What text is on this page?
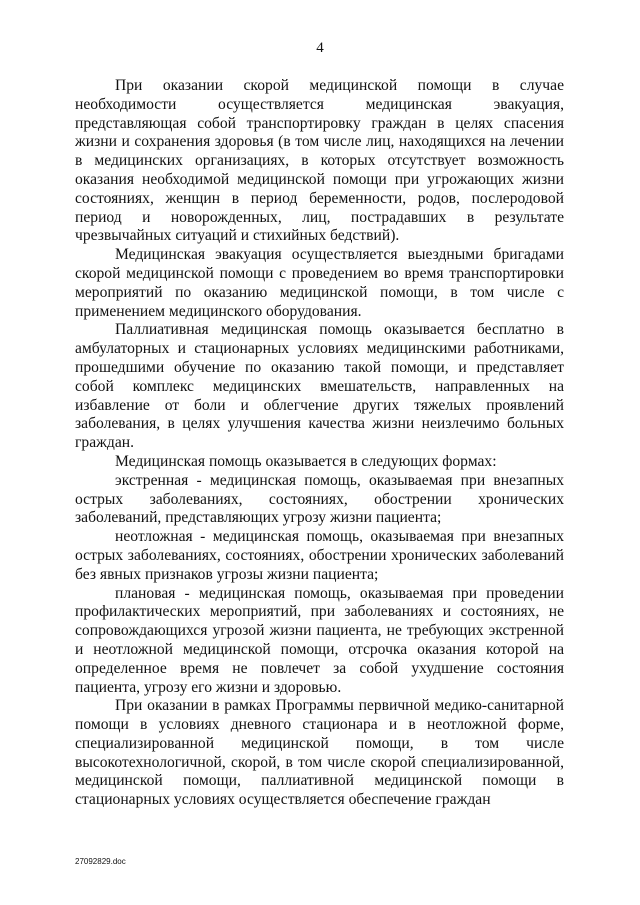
4

При оказании скорой медицинской помощи в случае необходимости осуществляется медицинская эвакуация, представляющая собой транспортировку граждан в целях спасения жизни и сохранения здоровья (в том числе лиц, находящихся на лечении в медицинских организациях, в которых отсутствует возможность оказания необходимой медицинской помощи при угрожающих жизни состояниях, женщин в период беременности, родов, послеродовой период и новорожденных, лиц, пострадавших в результате чрезвычайных ситуаций и стихийных бедствий).

Медицинская эвакуация осуществляется выездными бригадами скорой медицинской помощи с проведением во время транспортировки мероприятий по оказанию медицинской помощи, в том числе с применением медицинского оборудования.

Паллиативная медицинская помощь оказывается бесплатно в амбулаторных и стационарных условиях медицинскими работниками, прошедшими обучение по оказанию такой помощи, и представляет собой комплекс медицинских вмешательств, направленных на избавление от боли и облегчение других тяжелых проявлений заболевания, в целях улучшения качества жизни неизлечимо больных граждан.

Медицинская помощь оказывается в следующих формах:

экстренная - медицинская помощь, оказываемая при внезапных острых заболеваниях, состояниях, обострении хронических заболеваний, представляющих угрозу жизни пациента;

неотложная - медицинская помощь, оказываемая при внезапных острых заболеваниях, состояниях, обострении хронических заболеваний без явных признаков угрозы жизни пациента;

плановая - медицинская помощь, оказываемая при проведении профилактических мероприятий, при заболеваниях и состояниях, не сопровождающихся угрозой жизни пациента, не требующих экстренной и неотложной медицинской помощи, отсрочка оказания которой на определенное время не повлечет за собой ухудшение состояния пациента, угрозу его жизни и здоровью.

При оказании в рамках Программы первичной медико-санитарной помощи в условиях дневного стационара и в неотложной форме, специализированной медицинской помощи, в том числе высокотехнологичной, скорой, в том числе скорой специализированной, медицинской помощи, паллиативной медицинской помощи в стационарных условиях осуществляется обеспечение граждан

27092829.doc
